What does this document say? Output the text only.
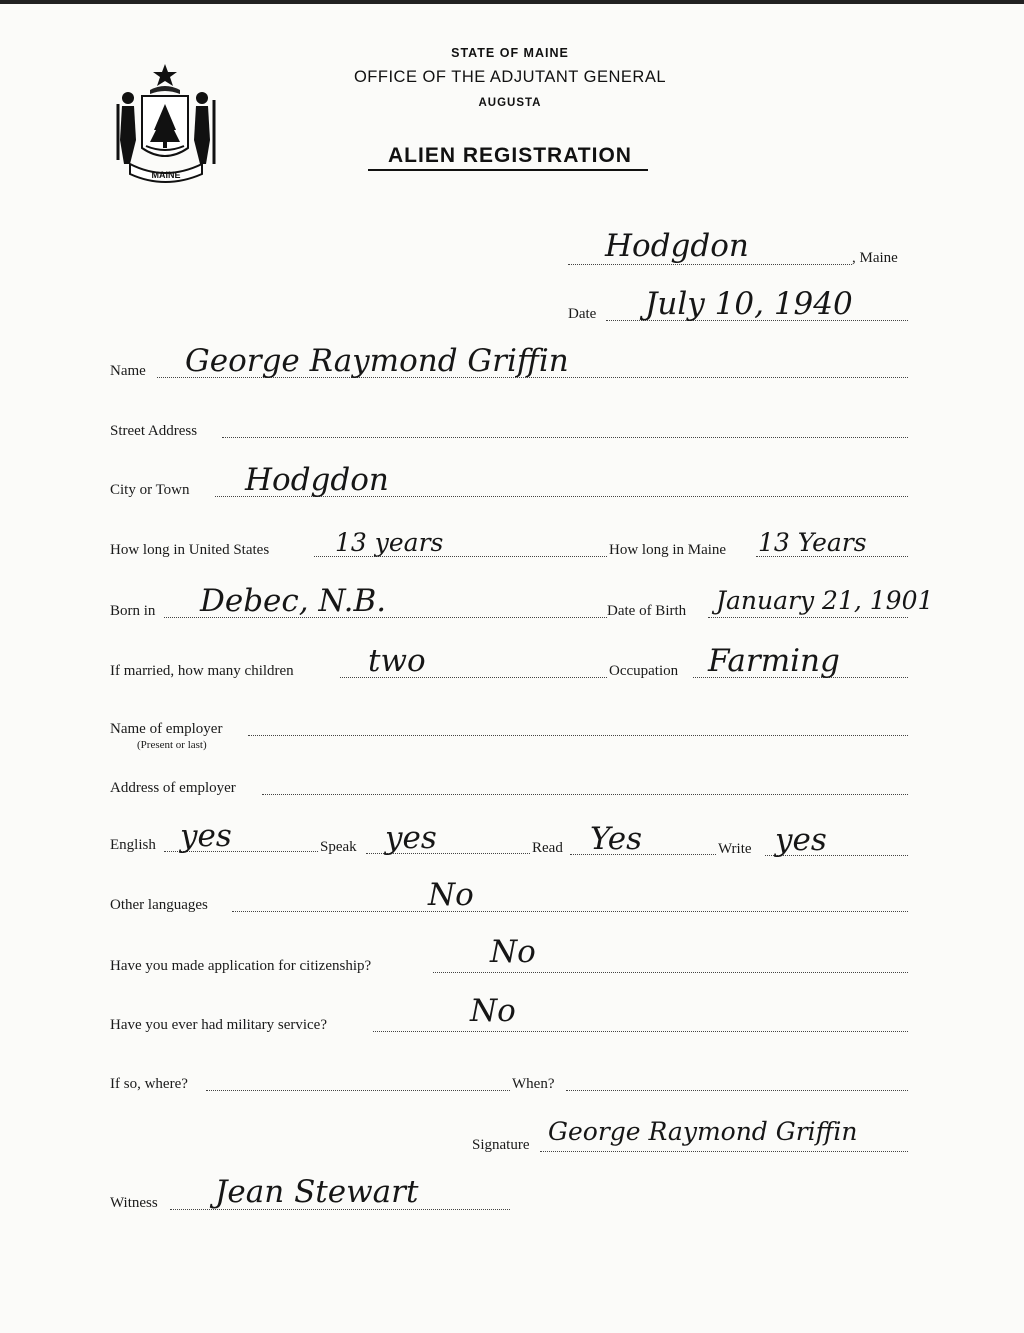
MAINE
STATE OF MAINE
OFFICE OF THE ADJUTANT GENERAL
AUGUSTA
ALIEN REGISTRATION
Hodgdon	, Maine
Date July 10, 1940
Name George Raymond Griffin
Street Address
City or Town Hodgdon
How long in United States	13 years	How long in Maine 13 Years
Born in Debec, N.B.	Date of Birth January 21, 1901
If married, how many children two	Occupation Farming
Name of employer
(Present or last)
Address of employer
English yes	Speak yes	Read Yes	Write yes
Other languages	No
Have you made application for citizenship?	No
Have you ever had military service?	No
If so, where?	When?
Signature George Raymond Griffin
Witness Jean Stewart
